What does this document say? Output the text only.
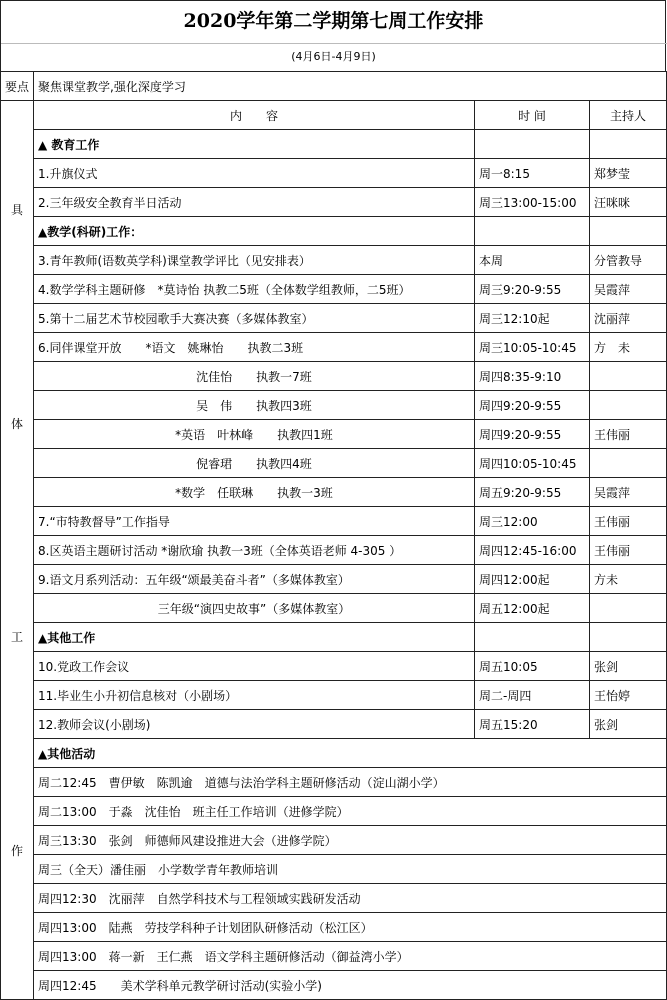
2020学年第二学期第七周工作安排
(4月6日-4月9日)
要点	聚焦课堂教学,强化深度学习		

具
体
工
作	内　　容	时 间	主持人
	▲ 教育工作		
	1.升旗仪式	周一8:15	郑梦莹
	2.三年级安全教育半日活动	周三13:00-15:00	汪咪咪
	▲教学(科研)工作：		
	3.青年教师(语数英学科)课堂教学评比（见安排表）	本周	分管教导
	4.数学学科主题研修　*莫诗怡 执教二5班（全体数学组教师，二5班）	周三9:20-9:55	吴霞萍
	5.第十二届艺术节校园歌手大赛决赛（多媒体教室）	周三12:10起	沈丽萍
	6.同伴课堂开放　　*语文　姚琳怡　　执教二3班	周三10:05-10:45	方　未
	沈佳怡　　执教一7班	周四8:35-9:10	
	吴　伟　　执教四3班	周四9:20-9:55	
	*英语　叶林峰　　执教四1班	周四9:20-9:55	王伟丽
	倪睿珺　　执教四4班	周四10:05-10:45	
	*数学　任联琳　　执教一3班	周五9:20-9:55	吴霞萍
	7.“市特教督导”工作指导	周三12:00	王伟丽
	8.区英语主题研讨活动 *谢欣瑜 执教一3班（全体英语老师 4-305 ）	周四12:45-16:00	王伟丽
	9.语文月系列活动：五年级“颂最美奋斗者”（多媒体教室）	周四12:00起	方未
	三年级“演四史故事”（多媒体教室）	周五12:00起	
	▲其他工作		
	10.党政工作会议	周五10:05	张剑
	11.毕业生小升初信息核对（小剧场）	周二-周四	王怡婷
	12.教师会议(小剧场)	周五15:20	张剑
	▲其他活动		
	周二12:45　曹伊敏　陈凯逾　道德与法治学科主题研修活动（淀山湖小学）		
	周二13:00　于淼　沈佳怡　班主任工作培训（进修学院）		
	周三13:30　张剑　师德师风建设推进大会（进修学院）		
	周三（全天）潘佳丽　小学数学青年教师培训		
	周四12:30　沈丽萍　自然学科技术与工程领域实践研发活动		
	周四13:00　陆燕　劳技学科种子计划团队研修活动（松江区）		
	周四13:00　蒋一新　王仁燕　语文学科主题研修活动（御益湾小学）		
	周四12:45　　美术学科单元教学研讨活动(实验小学)		
